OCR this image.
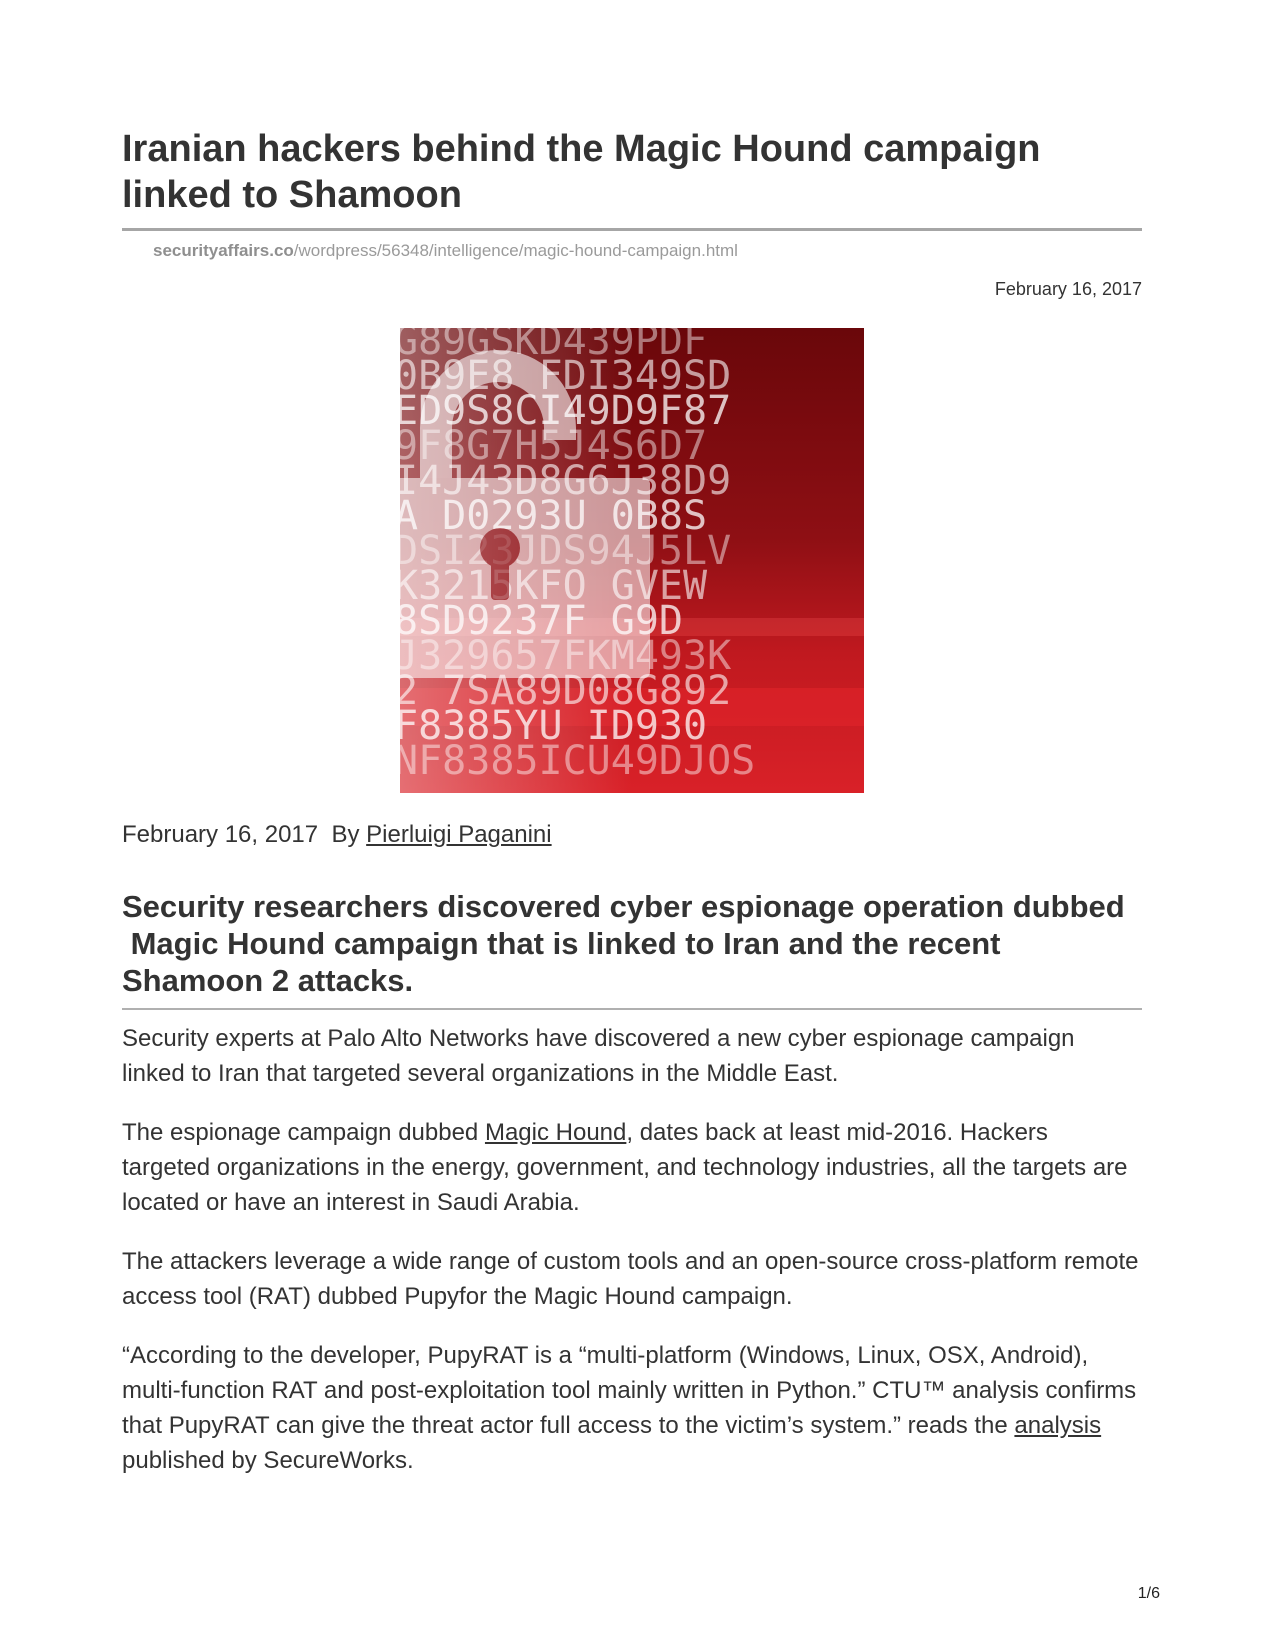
Iranian hackers behind the Magic Hound campaign linked to Shamoon
securityaffairs.co/wordpress/56348/intelligence/magic-hound-campaign.html
February 16, 2017
February 16, 2017 By Pierluigi Paganini
Security researchers discovered cyber espionage operation dubbed
Magic Hound campaign that is linked to Iran and the recent
Shamoon 2 attacks.

Security experts at Palo Alto Networks have discovered a new cyber espionage campaign linked to Iran that targeted several organizations in the Middle East.

The espionage campaign dubbed Magic Hound, dates back at least mid-2016. Hackers targeted organizations in the energy, government, and technology industries, all the targets are located or have an interest in Saudi Arabia.

The attackers leverage a wide range of custom tools and an open-source cross-platform remote access tool (RAT) dubbed Pupyfor the Magic Hound campaign.

“According to the developer, PupyRAT is a “multi-platform (Windows, Linux, OSX, Android), multi-function RAT and post-exploitation tool mainly written in Python.” CTU™ analysis confirms that PupyRAT can give the threat actor full access to the victim’s system.” reads the analysis published by SecureWorks.

1/6
